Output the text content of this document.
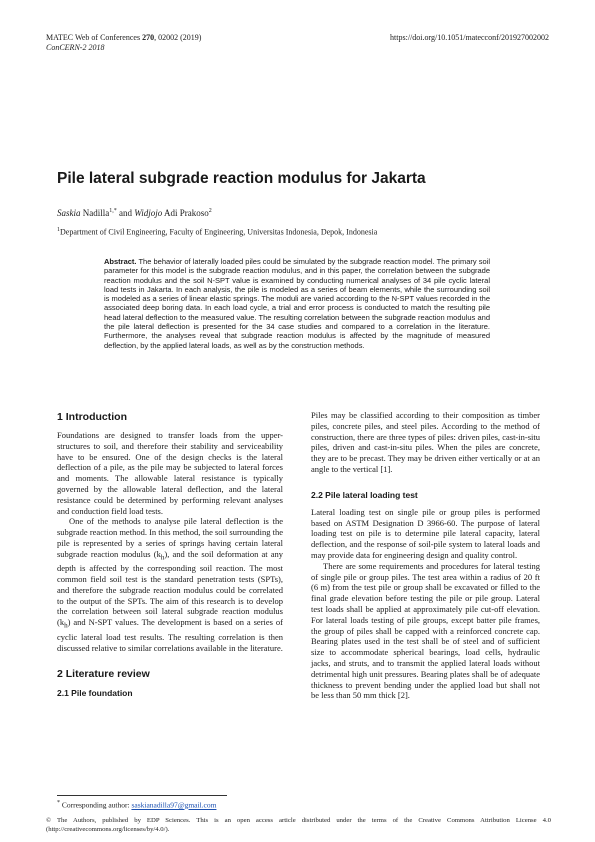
MATEC Web of Conferences 270, 02002 (2019)
ConCERN-2 2018
https://doi.org/10.1051/matecconf/201927002002
Pile lateral subgrade reaction modulus for Jakarta
Saskia Nadilla$^{1,*}$ and Widjojo Adi Prakoso$^2$
$^1$Department of Civil Engineering, Faculty of Engineering, Universitas Indonesia, Depok, Indonesia

Abstract. The behavior of laterally loaded piles could be simulated by the subgrade reaction model. The primary soil parameter for this model is the subgrade reaction modulus, and in this paper, the correlation between the subgrade reaction modulus and the soil N-SPT value is examined by conducting numerical analyses of 34 pile cyclic lateral load tests in Jakarta. In each analysis, the pile is modeled as a series of beam elements, while the surrounding soil is modeled as a series of linear elastic springs. The moduli are varied according to the N-SPT values recorded in the associated deep boring data. In each load cycle, a trial and error process is conducted to match the resulting pile head lateral deflection to the measured value. The resulting correlation between the subgrade reaction modulus and the pile lateral deflection is presented for the 34 case studies and compared to a correlation in the literature. Furthermore, the analyses reveal that subgrade reaction modulus is affected by the magnitude of measured deflection, by the applied lateral loads, as well as by the construction methods.

1 Introduction

Foundations are designed to transfer loads from the upper-structures to soil, and therefore their stability and serviceability have to be ensured. One of the design checks is the lateral deflection of a pile, as the pile may be subjected to lateral forces and moments. The allowable lateral resistance is typically governed by the allowable lateral deflection, and the lateral resistance could be determined by performing relevant analyses and conduction field load tests.

One of the methods to analyse pile lateral deflection is the subgrade reaction method. In this method, the soil surrounding the pile is represented by a series of springs having certain lateral subgrade reaction modulus $(k_h)$, and the soil deformation at any depth is affected by the corresponding soil reaction. The most common field soil test is the standard penetration tests (SPTs), and therefore the subgrade reaction modulus could be correlated to the output of the SPTs. The aim of this research is to develop the correlation between soil lateral subgrade reaction modulus $(k_h)$ and N-SPT values. The development is based on a series of cyclic lateral load test results. The resulting correlation is then discussed relative to similar correlations available in the literature.

2 Literature review
2.1 Pile foundation

Piles may be classified according to their composition as timber piles, concrete piles, and steel piles. According to the method of construction, there are three types of piles: driven piles, cast-in-situ piles, driven and cast-in-situ piles. When the piles are concrete, they are to be precast. They may be driven either vertically or at an angle to the vertical [1].

2.2 Pile lateral loading test

Lateral loading test on single pile or group piles is performed based on ASTM Designation D 3966-60. The purpose of lateral loading test on pile is to determine pile lateral capacity, lateral deflection, and the response of soil-pile system to lateral loads and may provide data for engineering design and quality control.

There are some requirements and procedures for lateral testing of single pile or group piles. The test area within a radius of 20 ft (6 m) from the test pile or group shall be excavated or filled to the final grade elevation before testing the pile or pile group. Lateral test loads shall be applied at approximately pile cut-off elevation. For lateral loads testing of pile groups, except batter pile frames, the group of piles shall be capped with a reinforced concrete cap. Bearing plates used in the test shall be of steel and of sufficient size to accommodate spherical bearings, load cells, hydraulic jacks, and struts, and to transmit the applied lateral loads without detrimental high unit pressures. Bearing plates shall be of adequate thickness to prevent bending under the applied load but shall not be less than 50 mm thick [2].

* Corresponding author: saskianadilla97@gmail.com
© The Authors, published by EDP Sciences. This is an open access article distributed under the terms of the Creative Commons Attribution License 4.0 (http://creativecommons.org/licenses/by/4.0/).
